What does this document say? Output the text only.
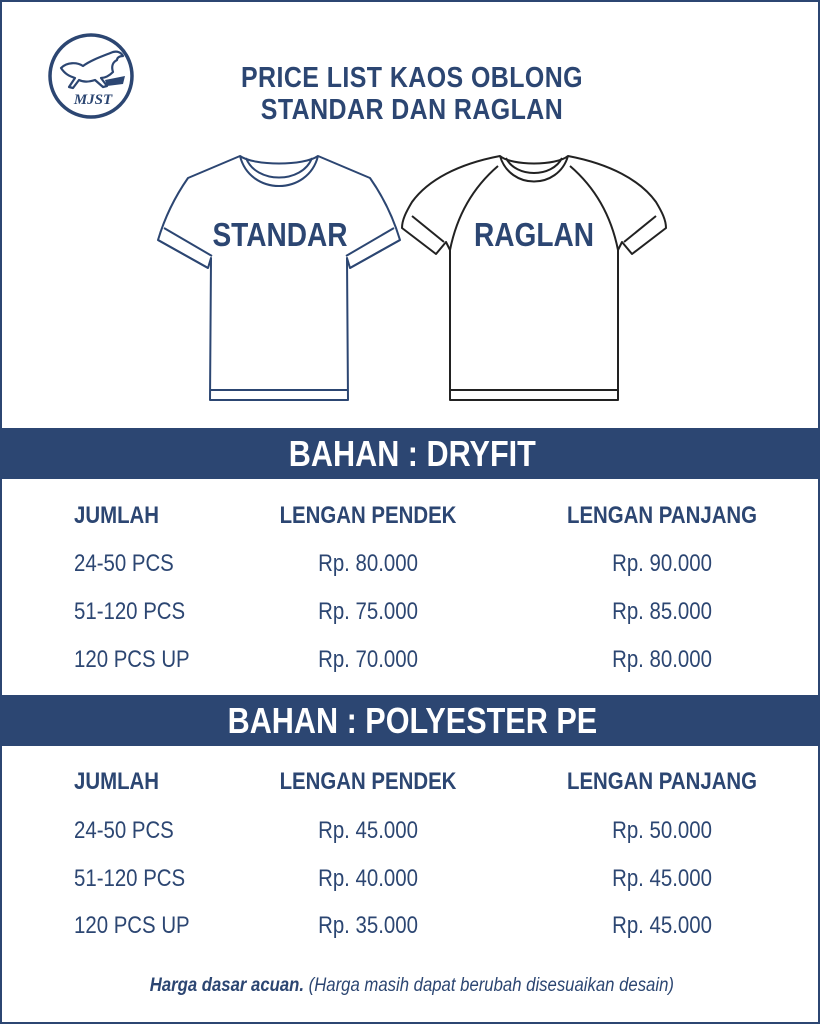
MJST
PRICE LIST KAOS OBLONG
STANDAR DAN RAGLAN
STANDAR	RAGLAN
BAHAN : DRYFIT
JUMLAH	LENGAN PENDEK	LENGAN PANJANG
24-50 PCS	Rp. 80.000	Rp. 90.000
51-120 PCS	Rp. 75.000	Rp. 85.000
120 PCS UP	Rp. 70.000	Rp. 80.000
BAHAN : POLYESTER PE
JUMLAH	LENGAN PENDEK	LENGAN PANJANG
24-50 PCS	Rp. 45.000	Rp. 50.000
51-120 PCS	Rp. 40.000	Rp. 45.000
120 PCS UP	Rp. 35.000	Rp. 45.000
Harga dasar acuan. (Harga masih dapat berubah disesuaikan desain)
